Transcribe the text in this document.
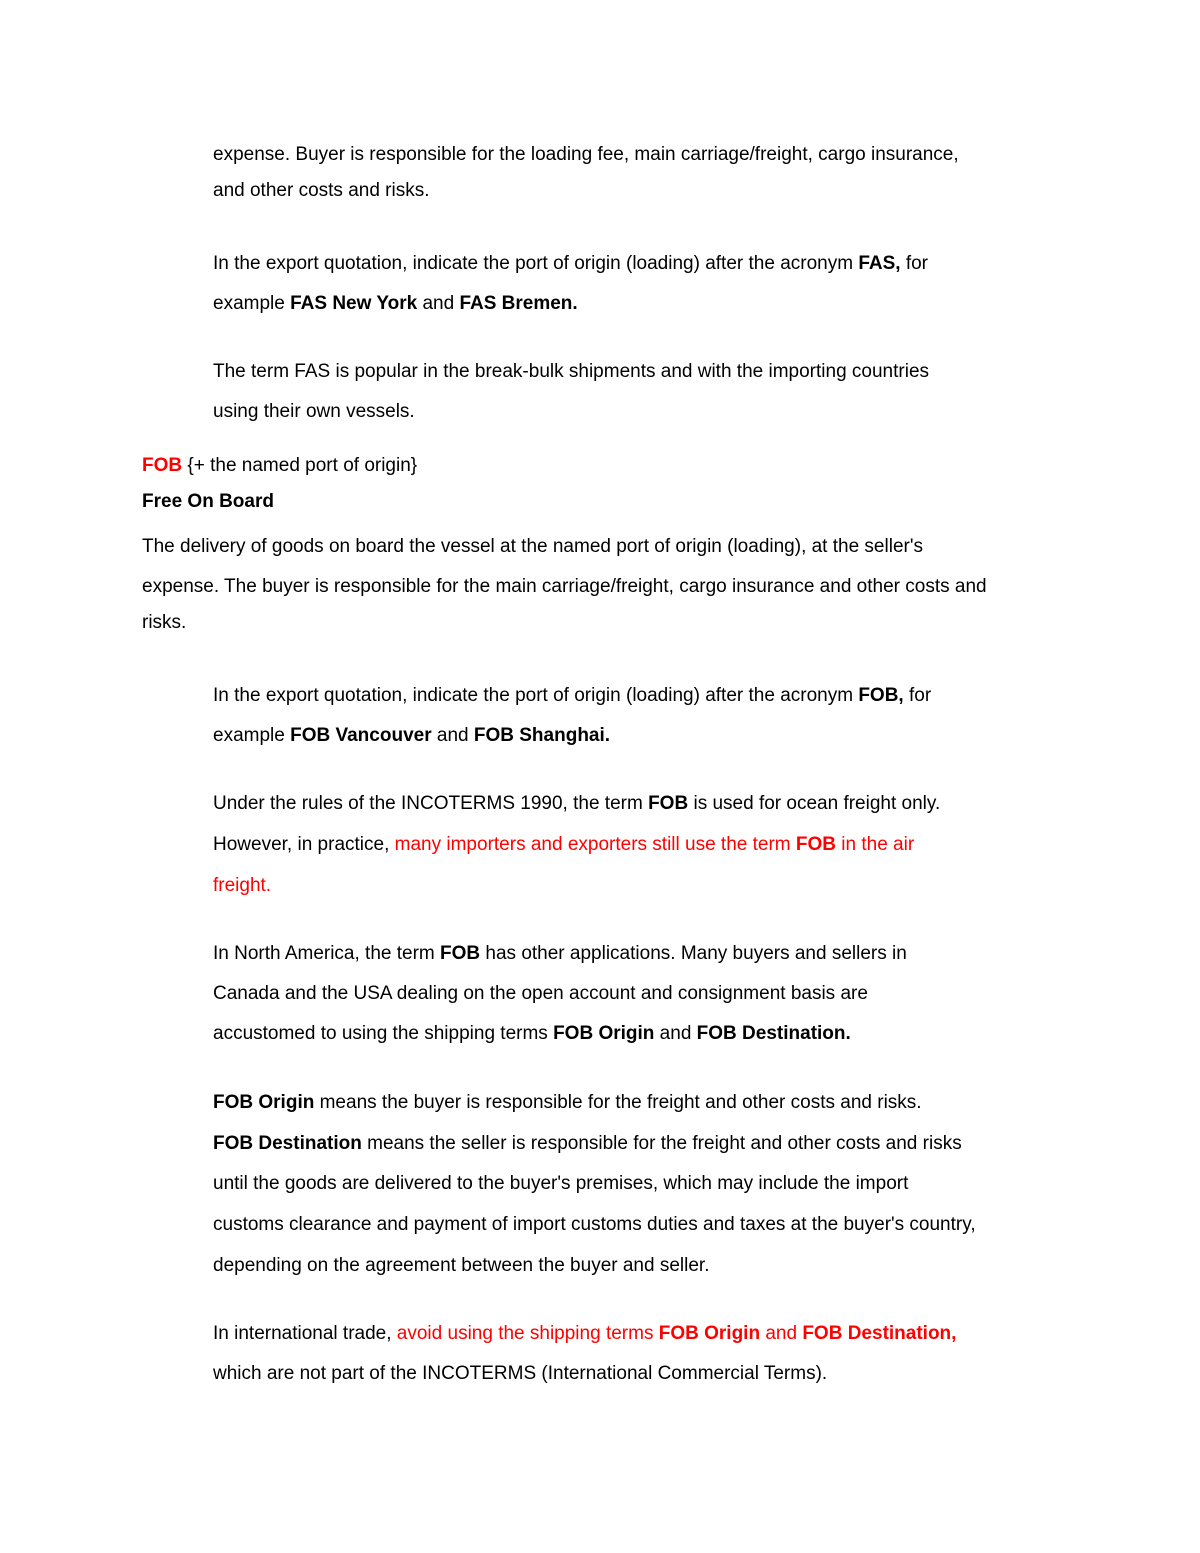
expense. Buyer is responsible for the loading fee, main carriage/freight, cargo insurance,
and other costs and risks.
In the export quotation, indicate the port of origin (loading) after the acronym FAS, for
example FAS New York and FAS Bremen.
The term FAS is popular in the break-bulk shipments and with the importing countries
using their own vessels.
FOB {+ the named port of origin}
Free On Board
The delivery of goods on board the vessel at the named port of origin (loading), at the seller's
expense. The buyer is responsible for the main carriage/freight, cargo insurance and other costs and
risks.
In the export quotation, indicate the port of origin (loading) after the acronym FOB, for
example FOB Vancouver and FOB Shanghai.
Under the rules of the INCOTERMS 1990, the term FOB is used for ocean freight only.
However, in practice, many importers and exporters still use the term FOB in the air
freight.
In North America, the term FOB has other applications. Many buyers and sellers in
Canada and the USA dealing on the open account and consignment basis are
accustomed to using the shipping terms FOB Origin and FOB Destination.
FOB Origin means the buyer is responsible for the freight and other costs and risks.
FOB Destination means the seller is responsible for the freight and other costs and risks
until the goods are delivered to the buyer's premises, which may include the import
customs clearance and payment of import customs duties and taxes at the buyer's country,
depending on the agreement between the buyer and seller.
In international trade, avoid using the shipping terms FOB Origin and FOB Destination,
which are not part of the INCOTERMS (International Commercial Terms).
